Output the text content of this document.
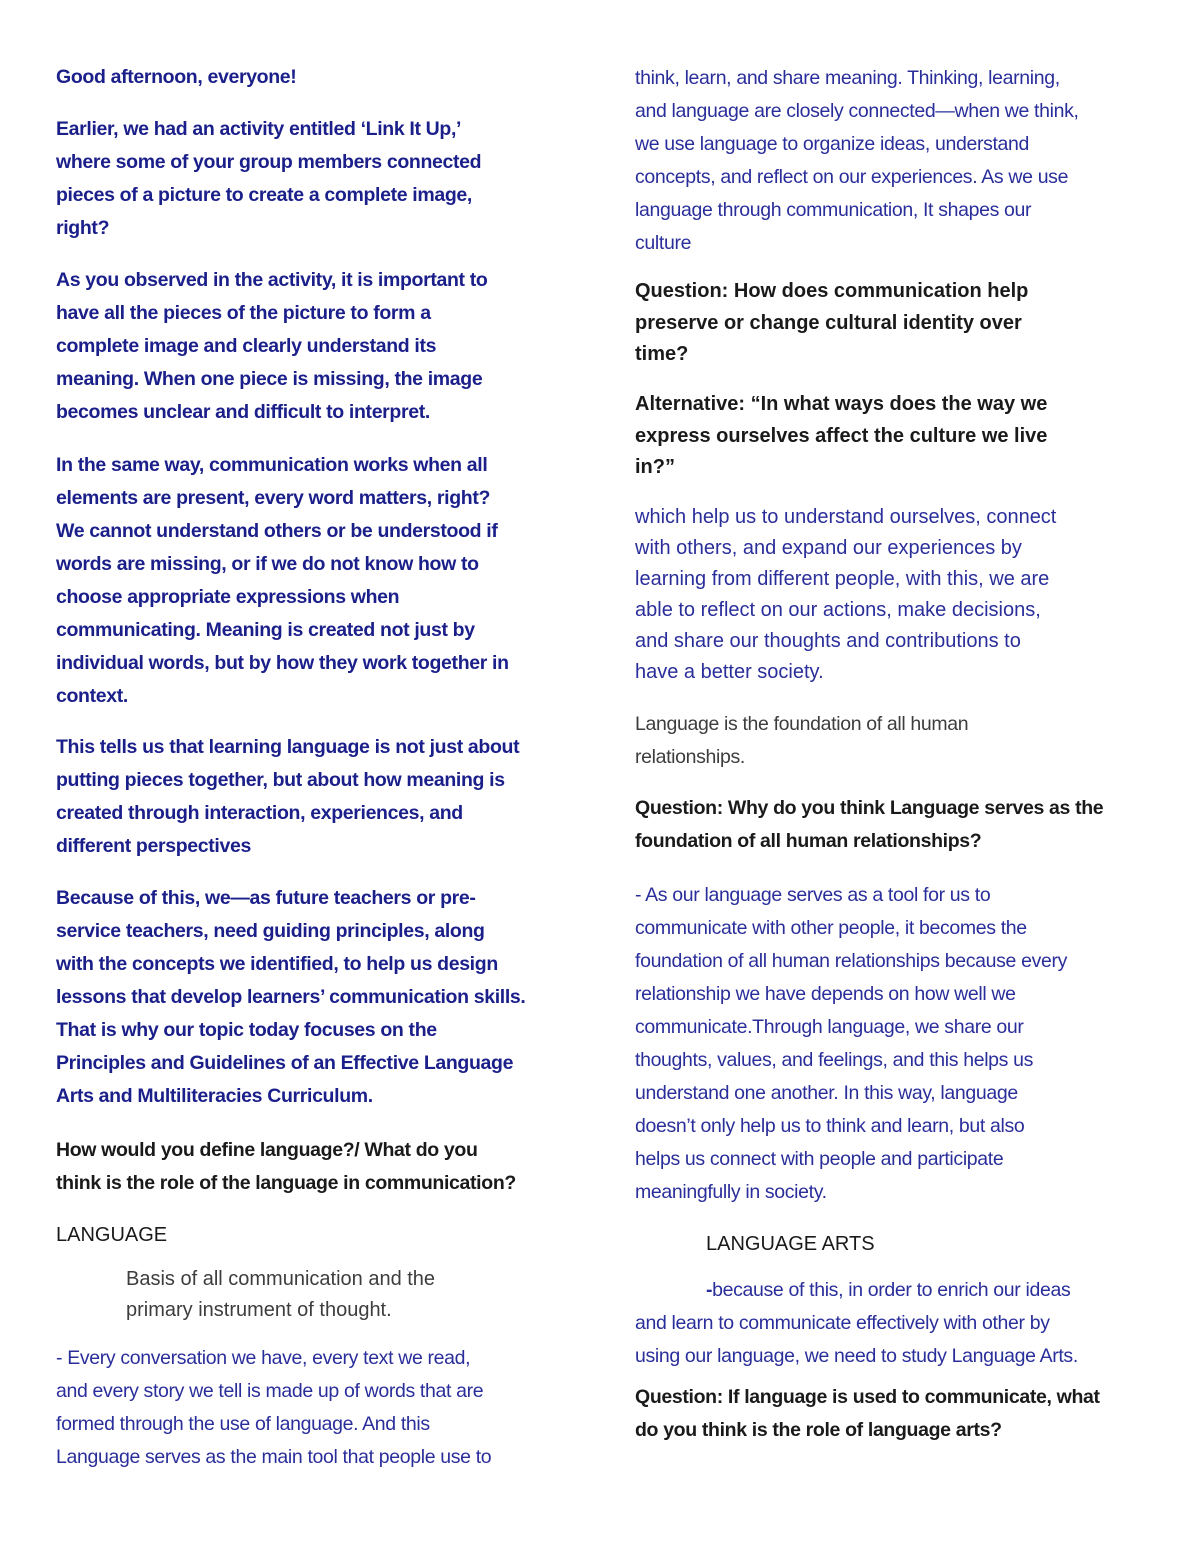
Good afternoon, everyone!
Earlier, we had an activity entitled ‘Link It Up,’
where some of your group members connected
pieces of a picture to create a complete image,
right?
As you observed in the activity, it is important to
have all the pieces of the picture to form a
complete image and clearly understand its
meaning. When one piece is missing, the image
becomes unclear and difficult to interpret.
In the same way, communication works when all
elements are present, every word matters, right?
We cannot understand others or be understood if
words are missing, or if we do not know how to
choose appropriate expressions when
communicating. Meaning is created not just by
individual words, but by how they work together in
context.
This tells us that learning language is not just about
putting pieces together, but about how meaning is
created through interaction, experiences, and
different perspectives
Because of this, we—as future teachers or pre-
service teachers, need guiding principles, along
with the concepts we identified, to help us design
lessons that develop learners’ communication skills.
That is why our topic today focuses on the
Principles and Guidelines of an Effective Language
Arts and Multiliteracies Curriculum.
How would you define language?/ What do you
think is the role of the language in communication?
LANGUAGE
Basis of all communication and the
primary instrument of thought.
- Every conversation we have, every text we read,
and every story we tell is made up of words that are
formed through the use of language. And this
Language serves as the main tool that people use to
think, learn, and share meaning. Thinking, learning,
and language are closely connected—when we think,
we use language to organize ideas, understand
concepts, and reflect on our experiences. As we use
language through communication, It shapes our
culture
Question: How does communication help
preserve or change cultural identity over
time?
Alternative: “In what ways does the way we
express ourselves affect the culture we live
in?”
which help us to understand ourselves, connect
with others, and expand our experiences by
learning from different people, with this, we are
able to reflect on our actions, make decisions,
and share our thoughts and contributions to
have a better society.
Language is the foundation of all human
relationships.
Question: Why do you think Language serves as the
foundation of all human relationships?
- As our language serves as a tool for us to
communicate with other people, it becomes the
foundation of all human relationships because every
relationship we have depends on how well we
communicate.Through language, we share our
thoughts, values, and feelings, and this helps us
understand one another. In this way, language
doesn’t only help us to think and learn, but also
helps us connect with people and participate
meaningfully in society.
LANGUAGE ARTS
-because of this, in order to enrich our ideas
and learn to communicate effectively with other by
using our language, we need to study Language Arts.
Question: If language is used to communicate, what
do you think is the role of language arts?
